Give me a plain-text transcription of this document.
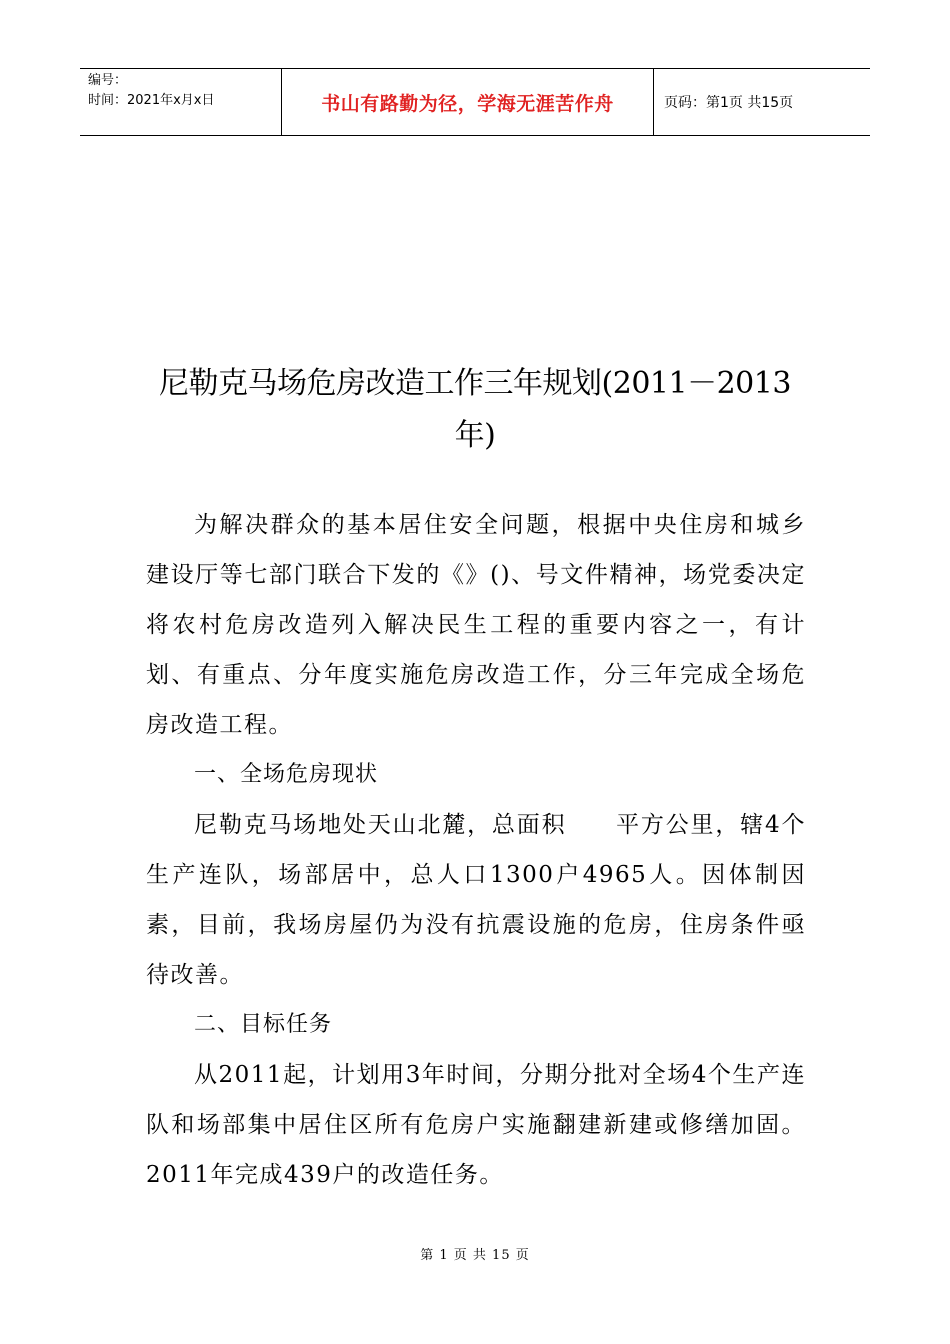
编号：
时间：2021年x月x日	书山有路勤为径，学海无涯苦作舟	页码：第1页 共15页
尼勒克马场危房改造工作三年规划(2011－2013
年)

为解决群众的基本居住安全问题，根据中央住房和城乡建设厅等七部门联合下发的《》()、号文件精神，场党委决定将农村危房改造列入解决民生工程的重要内容之一，有计划、有重点、分年度实施危房改造工作，分三年完成全场危房改造工程。

一、全场危房现状

尼勒克马场地处天山北麓，总面积　　平方公里，辖4个生产连队，场部居中，总人口1300户4965人。因体制因素，目前，我场房屋仍为没有抗震设施的危房，住房条件亟待改善。

二、目标任务

从2011起，计划用3年时间，分期分批对全场4个生产连队和场部集中居住区所有危房户实施翻建新建或修缮加固。2011年完成439户的改造任务。

第 1 页 共 15 页
